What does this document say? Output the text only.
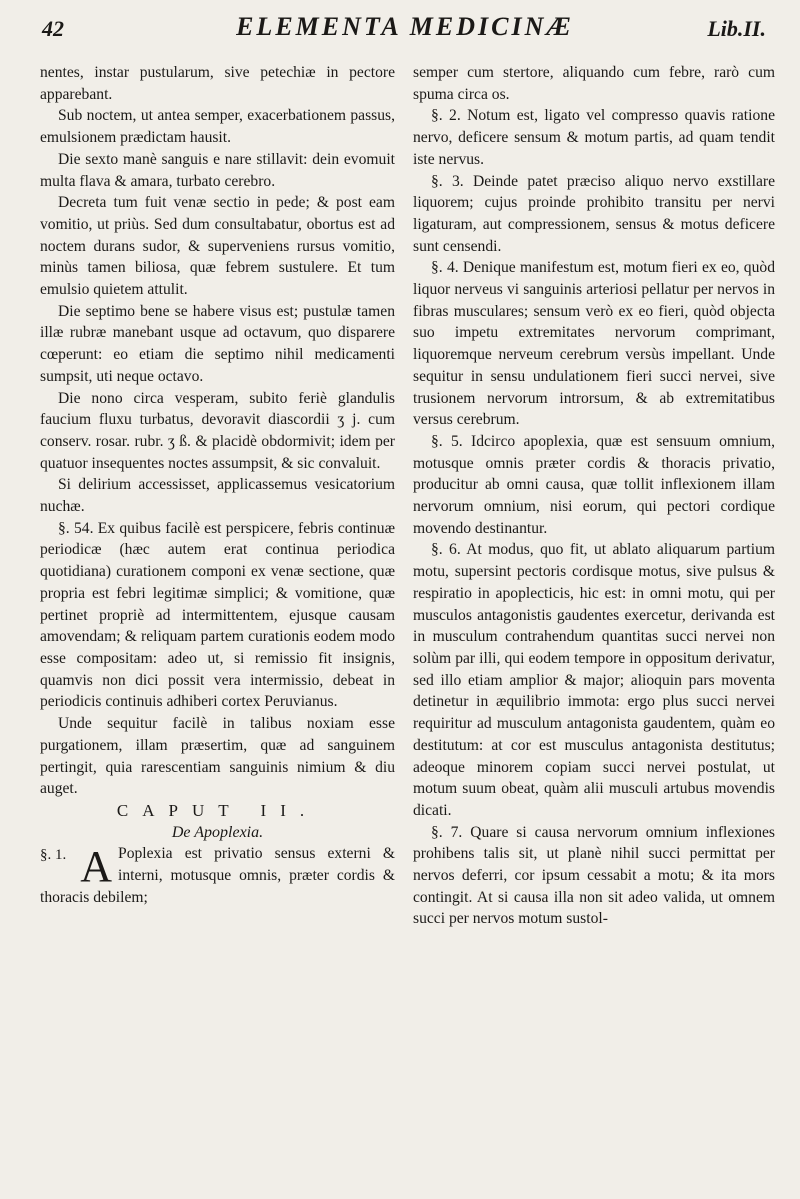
42	ELEMENTA MEDICINÆ	Lib.II.

nentes, instar pustularum, sive petechiæ in pectore apparebant.

Sub noctem, ut antea semper, exacerbationem passus, emulsionem prædictam hausit.

Die sexto manè sanguis e nare stillavit: dein evomuit multa flava & amara, turbato cerebro.

Decreta tum fuit venæ sectio in pede; & post eam vomitio, ut priùs. Sed dum consultabatur, obortus est ad noctem durans sudor, & superveniens rursus vomitio, minùs tamen biliosa, quæ febrem sustulere. Et tum emulsio quietem attulit.

Die septimo bene se habere visus est; pustulæ tamen illæ rubræ manebant usque ad octavum, quo disparere cœperunt: eo etiam die septimo nihil medicamenti sumpsit, uti neque octavo.

Die nono circa vesperam, subito feriè glandulis faucium fluxu turbatus, devoravit diascordii ʒ j. cum conserv. rosar. rubr. ʒ ß. & placidè obdormivit; idem per quatuor insequentes noctes assumpsit, & sic convaluit.

Si delirium accessisset, applicassemus vesicatorium nuchæ.

§. 54. Ex quibus facilè est perspicere, febris continuæ periodicæ (hæc autem erat continua periodica quotidiana) curationem componi ex venæ sectione, quæ propria est febri legitimæ simplici; & vomitione, quæ pertinet propriè ad intermittentem, ejusque causam amovendam; & reliquam partem curationis eodem modo esse compositam: adeo ut, si remissio fit insignis, quamvis non dici possit vera intermissio, debeat in periodicis continuis adhiberi cortex Peruvianus.

Unde sequitur facilè in talibus noxiam esse purgationem, illam præsertim, quæ ad sanguinem pertingit, quia rarescentiam sanguinis nimium & diu auget.

CAPUT II.

De Apoplexia.

§. 1. A Poplexia est privatio sensus externi & interni, motusque omnis, præter cordis & thoracis debilem;

semper cum stertore, aliquando cum febre, rarò cum spuma circa os.

§. 2. Notum est, ligato vel compresso quavis ratione nervo, deficere sensum & motum partis, ad quam tendit iste nervus.

§. 3. Deinde patet præciso aliquo nervo exstillare liquorem; cujus proinde prohibito transitu per nervi ligaturam, aut compressionem, sensus & motus deficere sunt censendi.

§. 4. Denique manifestum est, motum fieri ex eo, quòd liquor nerveus vi sanguinis arteriosi pellatur per nervos in fibras musculares; sensum verò ex eo fieri, quòd objecta suo impetu extremitates nervorum comprimant, liquoremque nerveum cerebrum versùs impellant. Unde sequitur in sensu undulationem fieri succi nervei, sive trusionem nervorum introrsum, & ab extremitatibus versus cerebrum.

§. 5. Idcirco apoplexia, quæ est sensuum omnium, motusque omnis præter cordis & thoracis privatio, producitur ab omni causa, quæ tollit inflexionem illam nervorum omnium, nisi eorum, qui pectori cordique movendo destinantur.

§. 6. At modus, quo fit, ut ablato aliquarum partium motu, supersint pectoris cordisque motus, sive pulsus & respiratio in apoplecticis, hic est: in omni motu, qui per musculos antagonistis gaudentes exercetur, derivanda est in musculum contrahendum quantitas succi nervei non solùm par illi, qui eodem tempore in oppositum derivatur, sed illo etiam amplior & major; alioquin pars moventa detinetur in æquilibrio immota: ergo plus succi nervei requiritur ad musculum antagonista gaudentem, quàm eo destitutum: at cor est musculus antagonista destitutus; adeoque minorem copiam succi nervei postulat, ut motum suum obeat, quàm alii musculi artubus movendis dicati.

§. 7. Quare si causa nervorum omnium inflexiones prohibens talis sit, ut planè nihil succi permittat per nervos deferri, cor ipsum cessabit a motu; & ita mors contingit. At si causa illa non sit adeo valida, ut omnem succi per nervos motum sustol-
